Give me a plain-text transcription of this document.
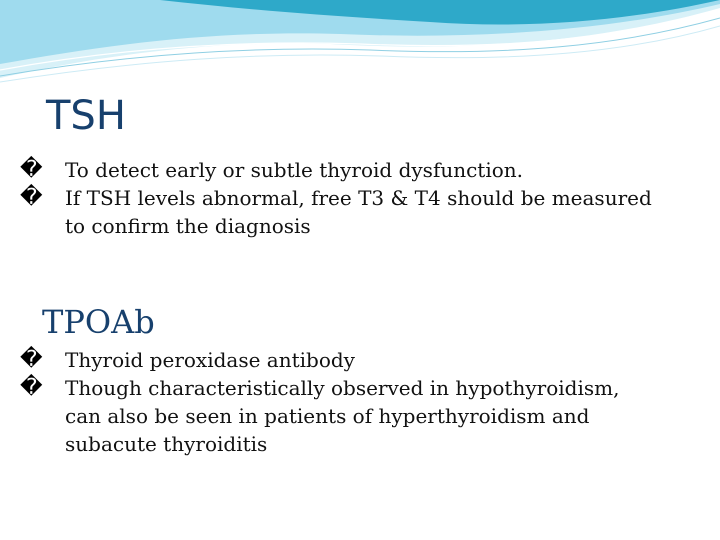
TSH
�	To detect early or subtle thyroid dysfunction.
�	If TSH levels abnormal, free T3 & T4 should be measured to confirm the diagnosis
TPOAb
�	Thyroid peroxidase antibody
�	Though characteristically observed in hypothyroidism, can also be seen in patients of hyperthyroidism and subacute thyroiditis
